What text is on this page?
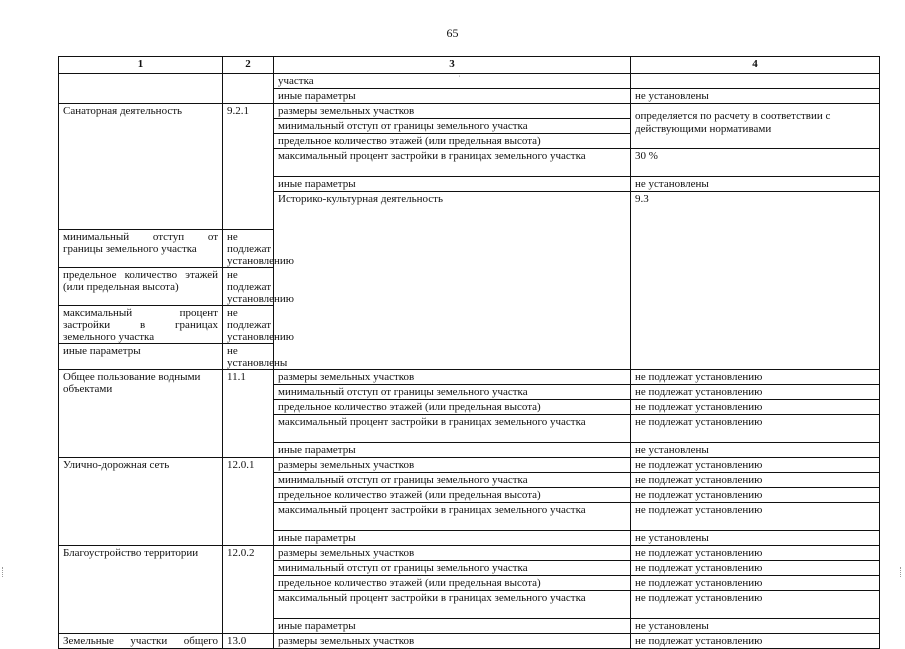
65
˙
1	2	3	4	
		участка		
		иные параметры	не установлены	
Санаторная деятельность	9.2.1	размеры земельных участков	определяется по расчету в соответствии с действующими нормативами	
		минимальный отступ от границы земельного участка		
		предельное количество этажей (или предельная высота)		
		максимальный процент застройки в границах земельного участка	30 %	
		иные параметры	не установлены	
		Историко-культурная деятельность	9.3		
минимальный отступ от границы земельного участка	не подлежат установлению			
предельное количество этажей (или предельная высота)	не подлежат установлению			
максимальный процент застройки в границах земельного участка	не подлежат установлению			
иные параметры	не установлены			
Общее пользование водными объектами	11.1	размеры земельных участков	не подлежат установлению	
		минимальный отступ от границы земельного участка	не подлежат установлению	
		предельное количество этажей (или предельная высота)	не подлежат установлению	
		максимальный процент застройки в границах земельного участка	не подлежат установлению	
		иные параметры	не установлены	
Улично-дорожная сеть	12.0.1	размеры земельных участков	не подлежат установлению	
		минимальный отступ от границы земельного участка	не подлежат установлению	
		предельное количество этажей (или предельная высота)	не подлежат установлению	
		максимальный процент застройки в границах земельного участка	не подлежат установлению	
		иные параметры	не установлены	
Благоустройство территории	12.0.2	размеры земельных участков	не подлежат установлению	
		минимальный отступ от границы земельного участка	не подлежат установлению	
		предельное количество этажей (или предельная высота)	не подлежат установлению	
		максимальный процент застройки в границах земельного участка	не подлежат установлению	
		иные параметры	не установлены	
Земельные участки общего	13.0	размеры земельных участков	не подлежат установлению	
